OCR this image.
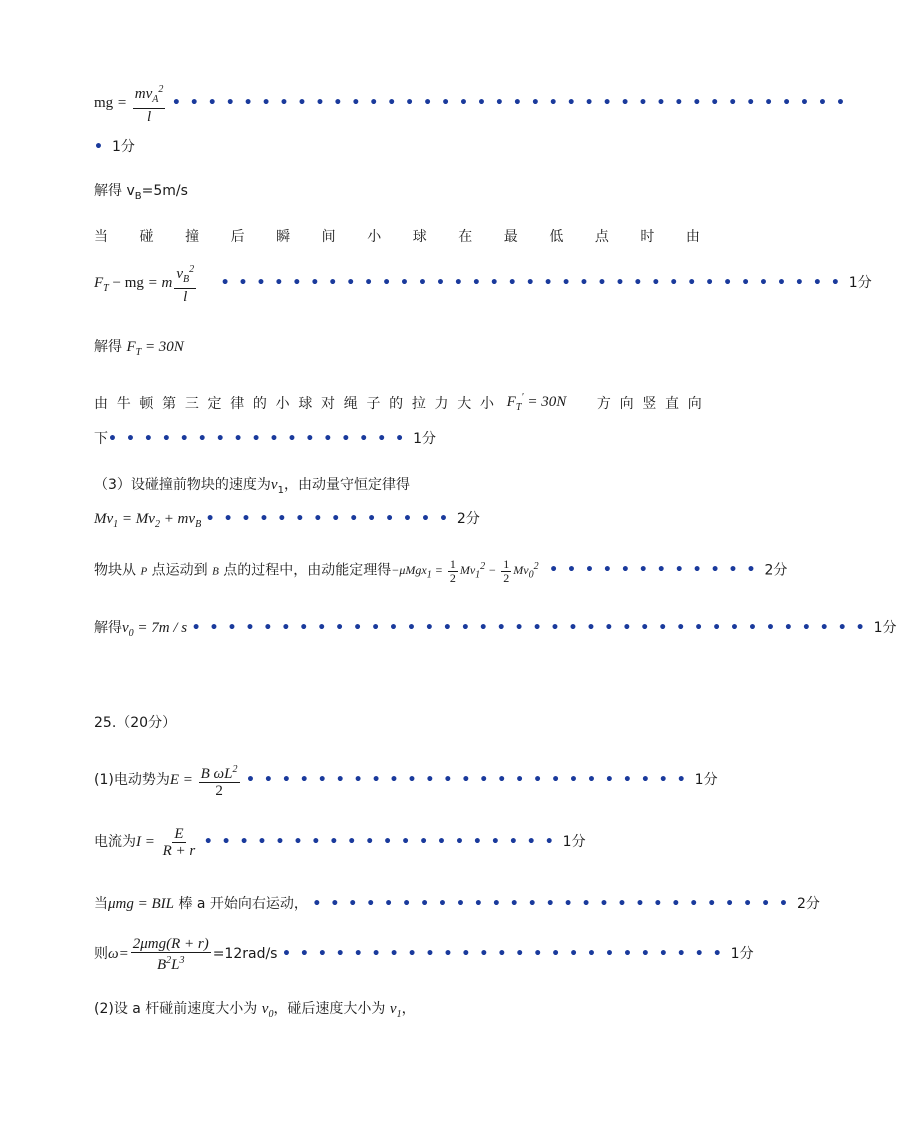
mg = $\frac{mv_A^2}{l}$ ••••••••••••••••••••••••••••••••••••••
•1分
解得 $v_B=5m/s$
当 碰 撞 后 瞬 间 小 球 在 最 低 点 时 由
$F_T$ − mg = m $\frac{v_B^2}{l}$ •••••••••••••••••••••••••••••••••••1分
解得 $F_T = 30N$
由 牛 顿 第 三 定 律 的 小 球 对 绳 子 的 拉 力 大 小 $F_T' = 30N$ 方 向 竖 直 向
下•••••••••••••••••1分
（3）设碰撞前物块的速度为$v_1$，由动量守恒定律得
$Mv_1 = Mv_2 + mv_B$ ••••••••••••••2分
物块从 P 点运动到 B 点的过程中，由动能定理得$-\mu Mgx_1 = \frac{1}{2} Mv_1^2 - \frac{1}{2} Mv_0^2$ ••••••••••••2分
解得$v_0 = 7m / s$ ••••••••••••••••••••••••••••••••••••••1分
25.（20分）
(1)电动势为$E = \frac{B \omega L^2}{2}$ •••••••••••••••••••••••••1分
电流为$I = \frac{E}{R + r}$ ••••••••••••••••••••1分
当μmg = BIL 棒 a 开始向右运动， •••••••••••••••••••••••••••2分
则$\omega= \frac{\text{2μmg(R + r)}}{B^2L^3} =12rad/s$ •••••••••••••••••••••••••1分
(2)设 a 杆碰前速度大小为 $v_0$，碰后速度大小为 $v_1$，
